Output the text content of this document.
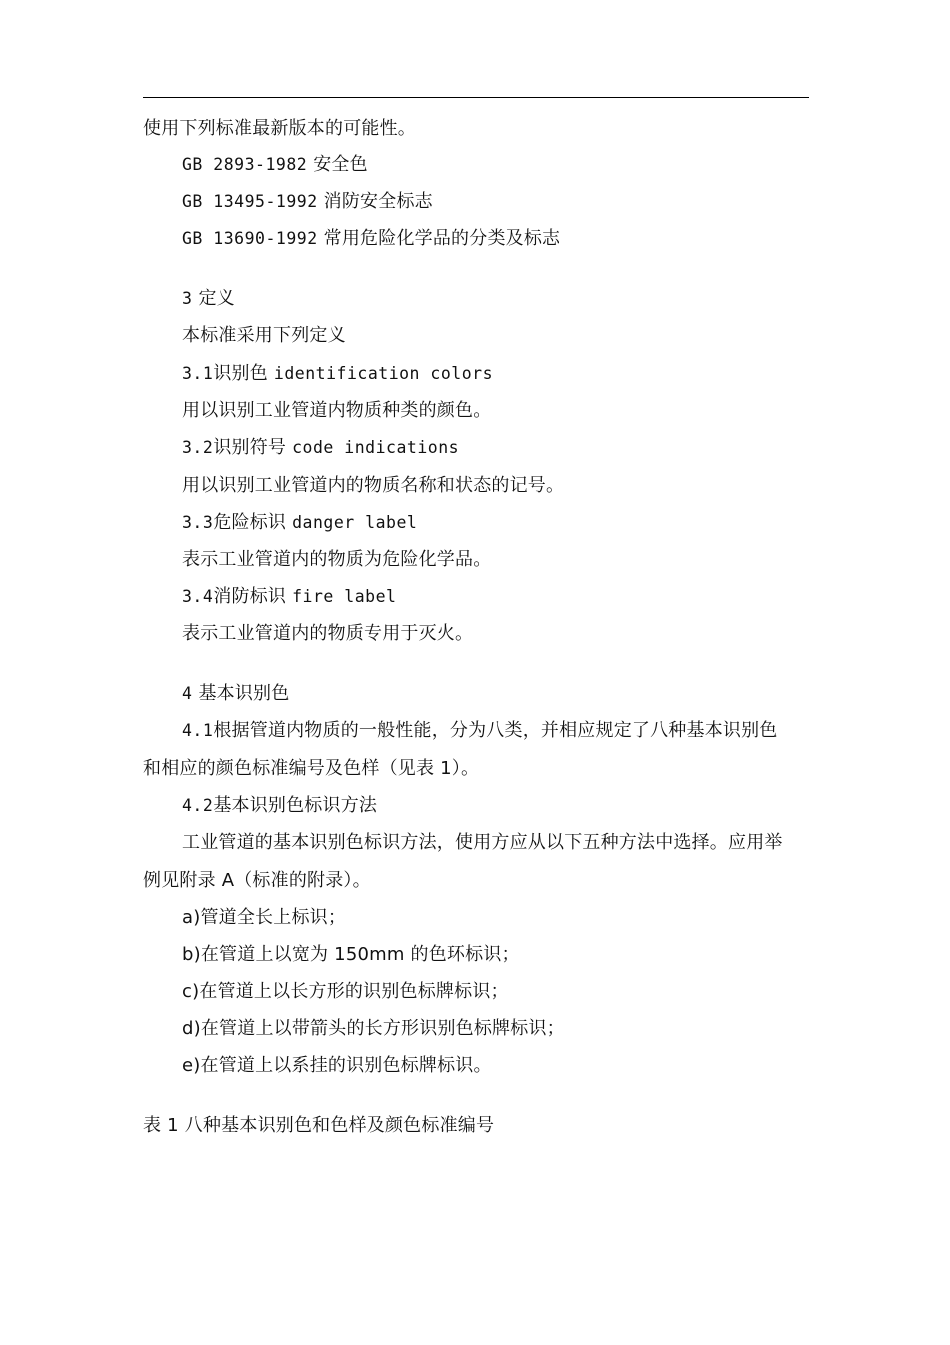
使用下列标准最新版本的可能性。
GB 2893-1982 安全色
GB 13495-1992 消防安全标志
GB 13690-1992 常用危险化学品的分类及标志
3 定义
本标准采用下列定义
3.1识别色 identification colors
用以识别工业管道内物质种类的颜色。
3.2识别符号 code indications
用以识别工业管道内的物质名称和状态的记号。
3.3危险标识 danger label
表示工业管道内的物质为危险化学品。
3.4消防标识 fire label
表示工业管道内的物质专用于灭火。
4 基本识别色
4.1根据管道内物质的一般性能，分为八类，并相应规定了八种基本识别色
和相应的颜色标准编号及色样（见表 1）。
4.2基本识别色标识方法
工业管道的基本识别色标识方法，使用方应从以下五种方法中选择。应用举
例见附录 A（标准的附录）。
a)管道全长上标识；
b)在管道上以宽为 150mm 的色环标识；
c)在管道上以长方形的识别色标牌标识；
d)在管道上以带箭头的长方形识别色标牌标识；
e)在管道上以系挂的识别色标牌标识。
表 1 八种基本识别色和色样及颜色标准编号
